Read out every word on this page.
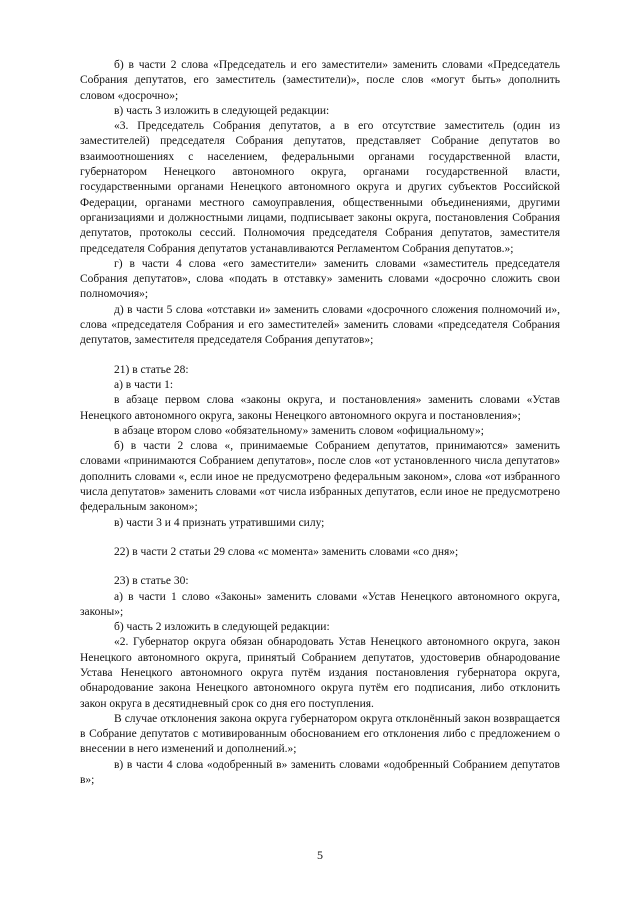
б) в части 2 слова «Председатель и его заместители» заменить словами «Председатель Собрания депутатов, его заместитель (заместители)», после слов «могут быть» дополнить словом «досрочно»;

в) часть 3 изложить в следующей редакции:

«3. Председатель Собрания депутатов, а в его отсутствие заместитель (один из заместителей) председателя Собрания депутатов, представляет Собрание депутатов во взаимоотношениях с населением, федеральными органами государственной власти, губернатором Ненецкого автономного округа, органами государственной власти, государственными органами Ненецкого автономного округа и других субъектов Российской Федерации, органами местного самоуправления, общественными объединениями, другими организациями и должностными лицами, подписывает законы округа, постановления Собрания депутатов, протоколы сессий. Полномочия председателя Собрания депутатов, заместителя председателя Собрания депутатов устанавливаются Регламентом Собрания депутатов.»;

г) в части 4 слова «его заместители» заменить словами «заместитель председателя Собрания депутатов», слова «подать в отставку» заменить словами «досрочно сложить свои полномочия»;

д) в части 5 слова «отставки и» заменить словами «досрочного сложения полномочий и», слова «председателя Собрания и его заместителей» заменить словами «председателя Собрания депутатов, заместителя председателя Собрания депутатов»;

21) в статье 28:

а) в части 1:

в абзаце первом слова «законы округа, и постановления» заменить словами «Устав Ненецкого автономного округа, законы Ненецкого автономного округа и постановления»;

в абзаце втором слово «обязательному» заменить словом «официальному»;

б) в части 2 слова «, принимаемые Собранием депутатов, принимаются» заменить словами «принимаются Собранием депутатов», после слов «от установленного числа депутатов» дополнить словами «, если иное не предусмотрено федеральным законом», слова «от избранного числа депутатов» заменить словами «от числа избранных депутатов, если иное не предусмотрено федеральным законом»;

в) части 3 и 4 признать утратившими силу;

22) в части 2 статьи 29 слова «с момента» заменить словами «со дня»;

23) в статье 30:

а) в части 1 слово «Законы» заменить словами «Устав Ненецкого автономного округа, законы»;

б) часть 2 изложить в следующей редакции:

«2. Губернатор округа обязан обнародовать Устав Ненецкого автономного округа, закон Ненецкого автономного округа, принятый Собранием депутатов, удостоверив обнародование Устава Ненецкого автономного округа путём издания постановления губернатора округа, обнародование закона Ненецкого автономного округа путём его подписания, либо отклонить закон округа в десятидневный срок со дня его поступления.

В случае отклонения закона округа губернатором округа отклонённый закон возвращается в Собрание депутатов с мотивированным обоснованием его отклонения либо с предложением о внесении в него изменений и дополнений.»;

в) в части 4 слова «одобренный в» заменить словами «одобренный Собранием депутатов в»;

5
